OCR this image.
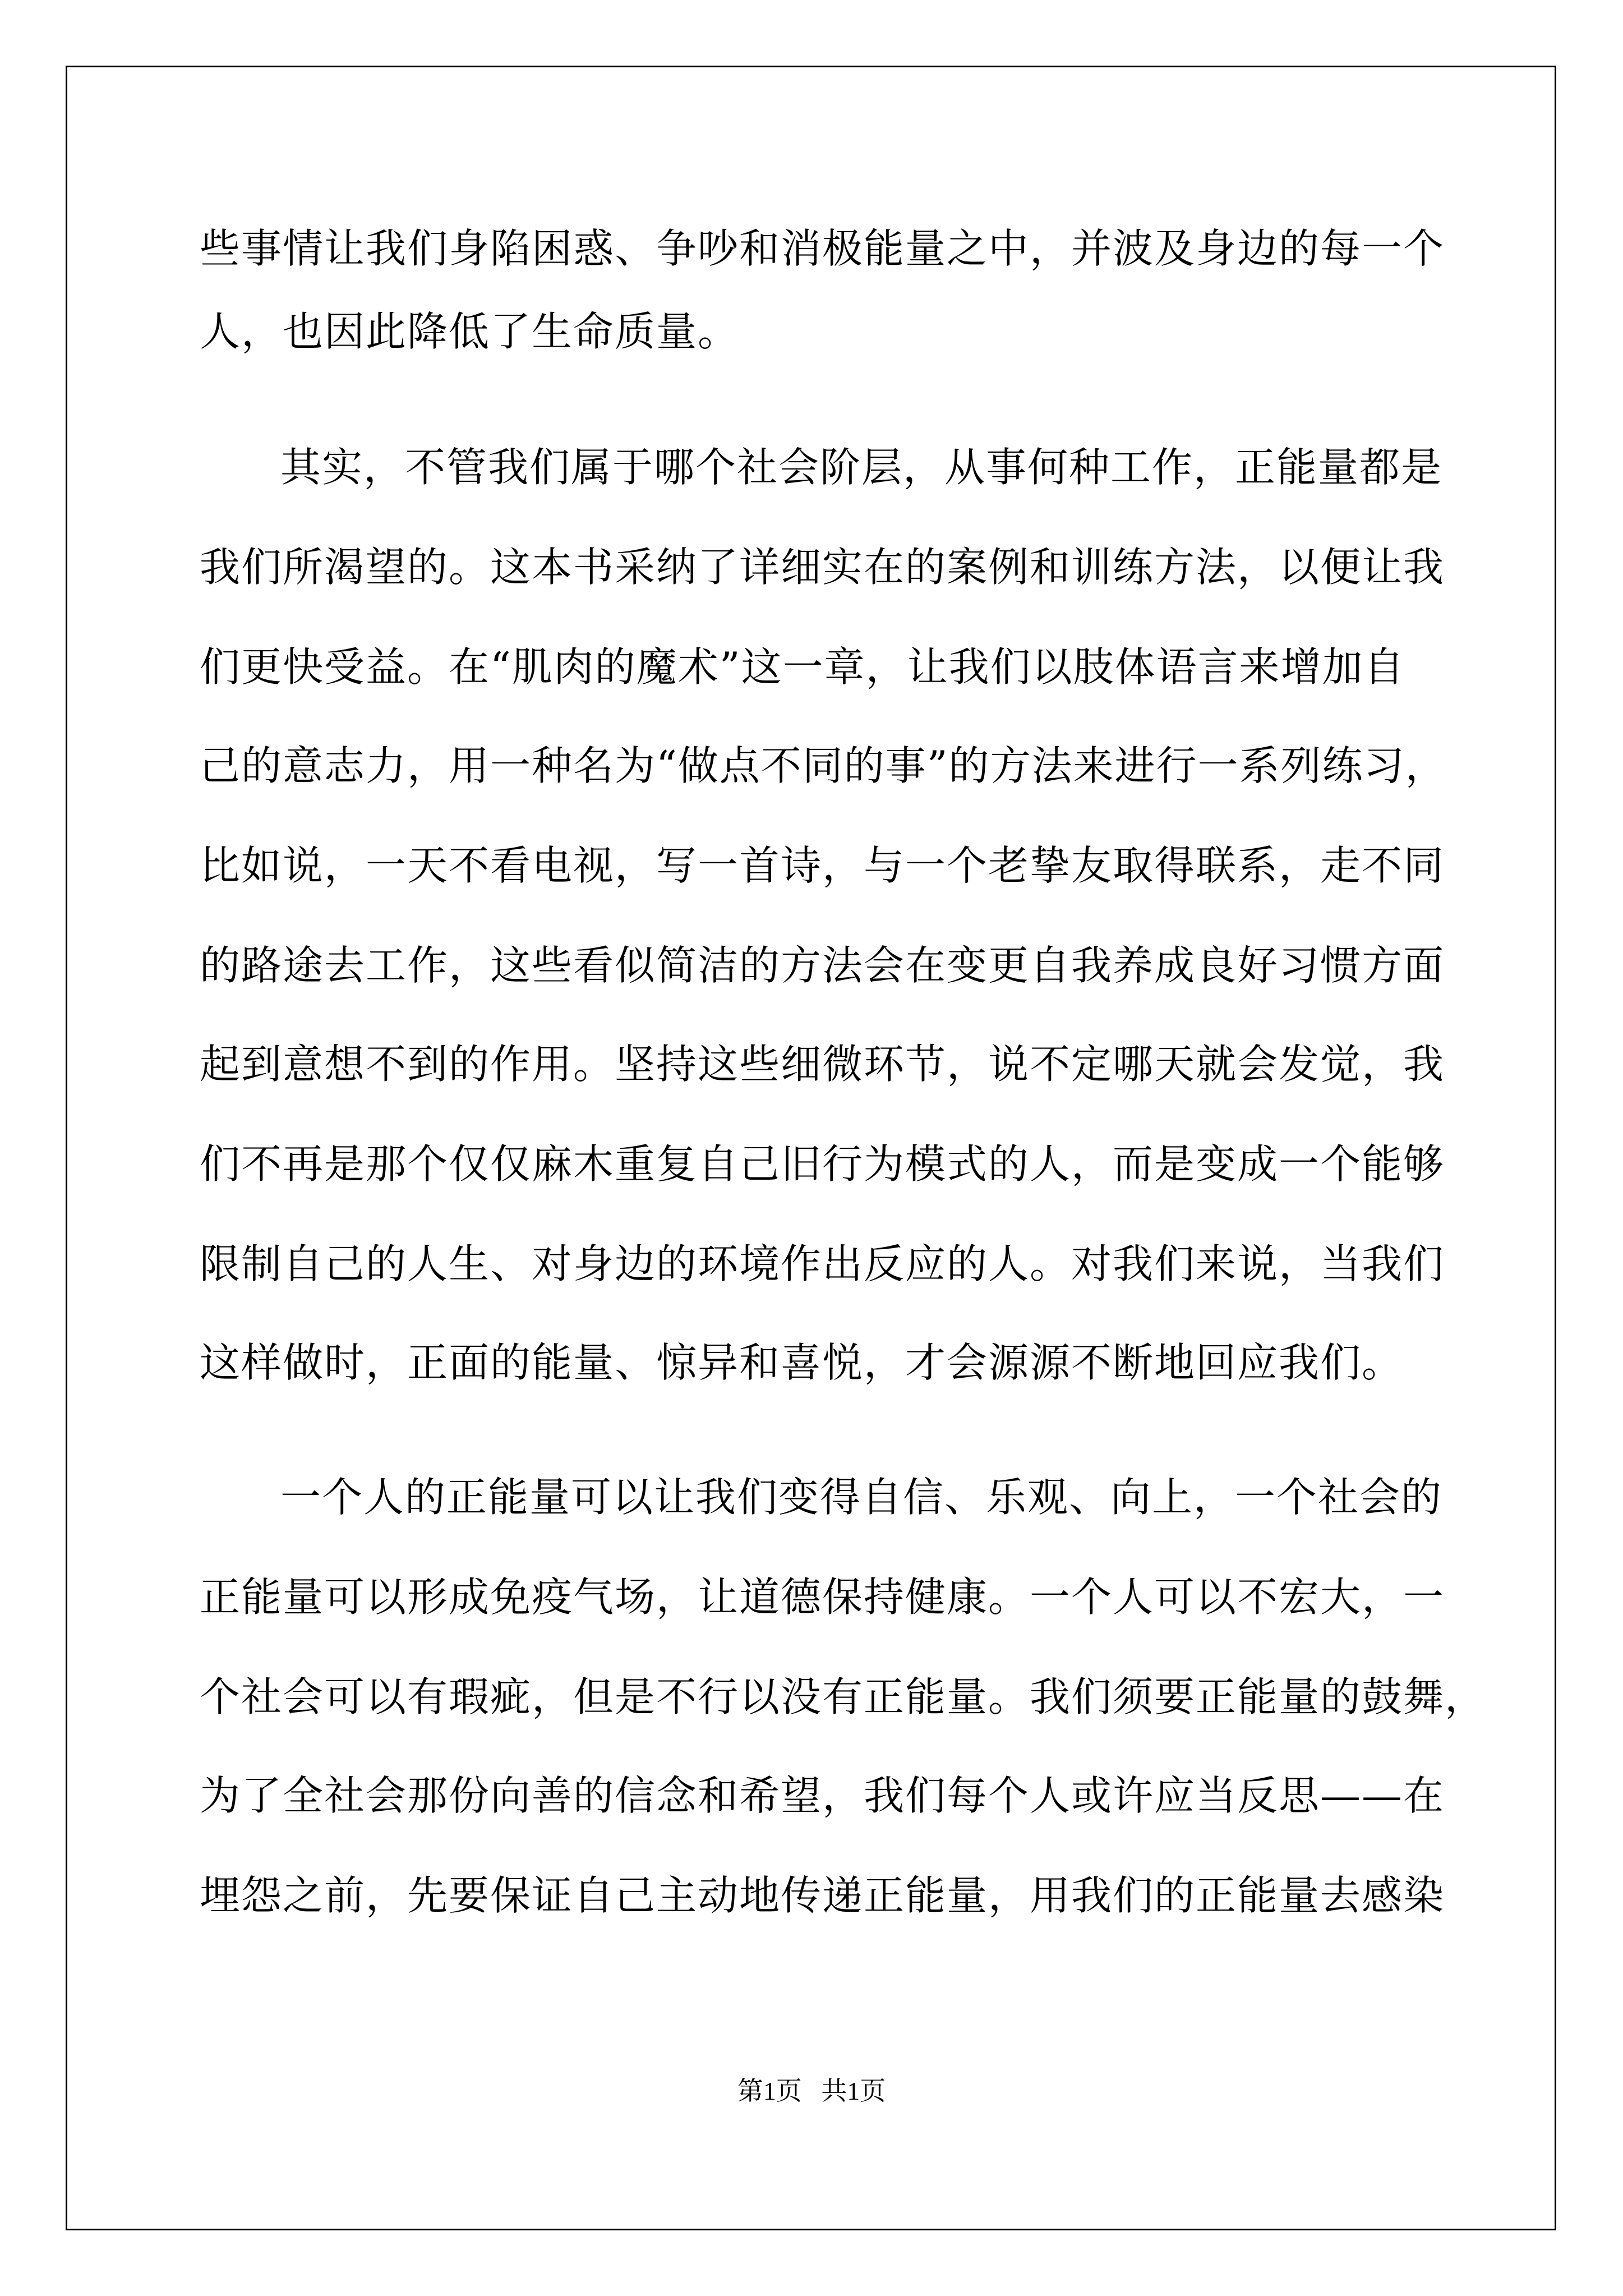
些事情让我们身陷困惑、争吵和消极能量之中，并波及身边的每一个
人，也因此降低了生命质量。
其实，不管我们属于哪个社会阶层，从事何种工作，正能量都是
我们所渴望的。这本书采纳了详细实在的案例和训练方法，以便让我
们更快受益。在“肌肉的魔术”这一章，让我们以肢体语言来增加自
己的意志力，用一种名为“做点不同的事”的方法来进行一系列练习，
比如说，一天不看电视，写一首诗，与一个老挚友取得联系，走不同
的路途去工作，这些看似简洁的方法会在变更自我养成良好习惯方面
起到意想不到的作用。坚持这些细微环节，说不定哪天就会发觉，我
们不再是那个仅仅麻木重复自己旧行为模式的人，而是变成一个能够
限制自己的人生、对身边的环境作出反应的人。对我们来说，当我们
这样做时，正面的能量、惊异和喜悦，才会源源不断地回应我们。
一个人的正能量可以让我们变得自信、乐观、向上，一个社会的
正能量可以形成免疫气场，让道德保持健康。一个人可以不宏大，一
个社会可以有瑕疵，但是不行以没有正能量。我们须要正能量的鼓舞，
为了全社会那份向善的信念和希望，我们每个人或许应当反思——在
埋怨之前，先要保证自己主动地传递正能量，用我们的正能量去感染
第1页   共1页
